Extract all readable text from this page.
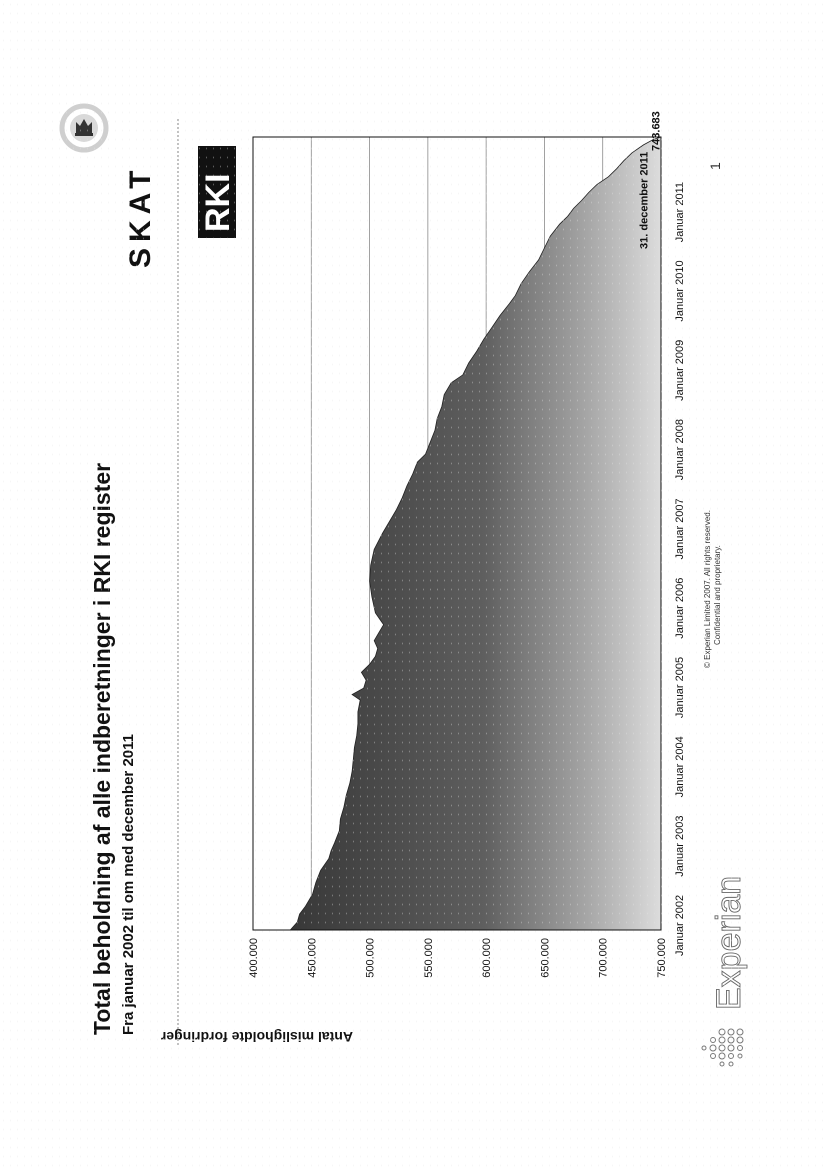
Total beholdning af alle indberetninger i RKI register Fra januar 2002 til om med december 2011
SKAT RKI
400.000	450.000	500.000	550.000	600.000	650.000	700.000	750.000
Januar 2002
Januar 2003
Januar 2004
Januar 2005
Januar 2006
Januar 2007
Januar 2008
Januar 2009
Januar 2010
Januar 2011
31. december 2011
743.683
Antal misligholdte fordringer
© Experian Limited 2007. All rights reserved. Confidential and proprietary.
1
Experian
